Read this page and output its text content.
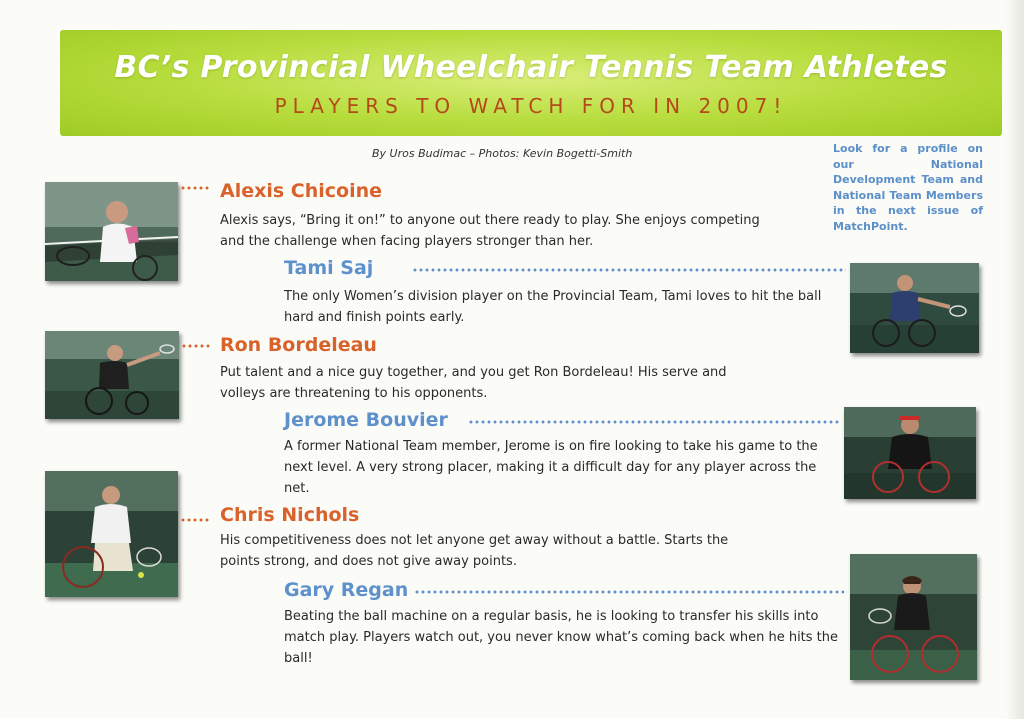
BC’s Provincial Wheelchair Tennis Team Athletes
PLAYERS TO WATCH FOR IN 2007!
By Uros Budimac – Photos: Kevin Bogetti-Smith	Look for a profile on our National Development Team and National Team Members in the next issue of MatchPoint.
Alexis Chicoine
Alexis says, “Bring it on!” to anyone out there ready to play. She enjoys competing and the challenge when facing players stronger than her.
Tami Saj
The only Women’s division player on the Provincial Team, Tami loves to hit the ball hard and finish points early.
Ron Bordeleau
Put talent and a nice guy together, and you get Ron Bordeleau! His serve and volleys are threatening to his opponents.
Jerome Bouvier
A former National Team member, Jerome is on fire looking to take his game to the next level. A very strong placer, making it a difficult day for any player across the net.
Chris Nichols
His competitiveness does not let anyone get away without a battle. Starts the points strong, and does not give away points.
Gary Regan
Beating the ball machine on a regular basis, he is looking to transfer his skills into match play. Players watch out, you never know what’s coming back when he hits the ball!
